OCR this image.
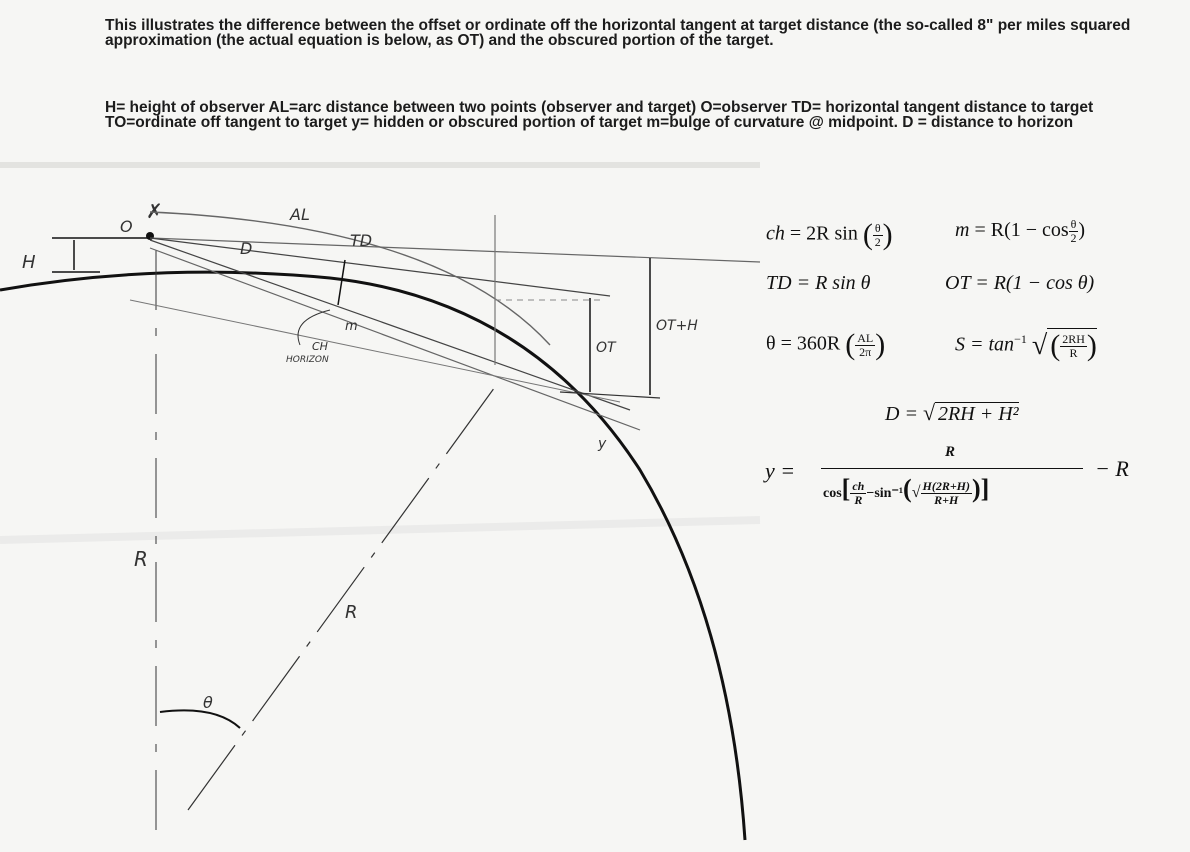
This illustrates the difference between the offset or ordinate off the horizontal tangent at target distance (the so-called 8" per miles squared approximation (the actual equation is below, as OT) and the obscured portion of the target.

H= height of observer AL=arc distance between two points (observer and target) O=observer TD= horizontal tangent distance to target TO=ordinate off tangent to target y= hidden or obscured portion of target m=bulge of curvature @ midpoint. D = distance to horizon

H
O
✗	AL
TD
D
m
CH
HORIZON
OT
OT+H
y
R
R
θ
ch = 2R sin ( $\frac{\theta}{2}$ )	$m = R(1 - \cos \frac{\theta}{2}$ )
TD = R sin θ	OT = R(1 − cos θ)
θ = 360R ( $\frac{AL}{2\pi}$ )	$S = \tan^{-1}$ √ ( $\frac{2RH}{R}$ )
D = √ 2RH + H²
y =
R
$\cos[ \frac{ch}{R} -\sin^{-1}(√ \frac{H(2R+H)}{R+H}$ )]
− R
